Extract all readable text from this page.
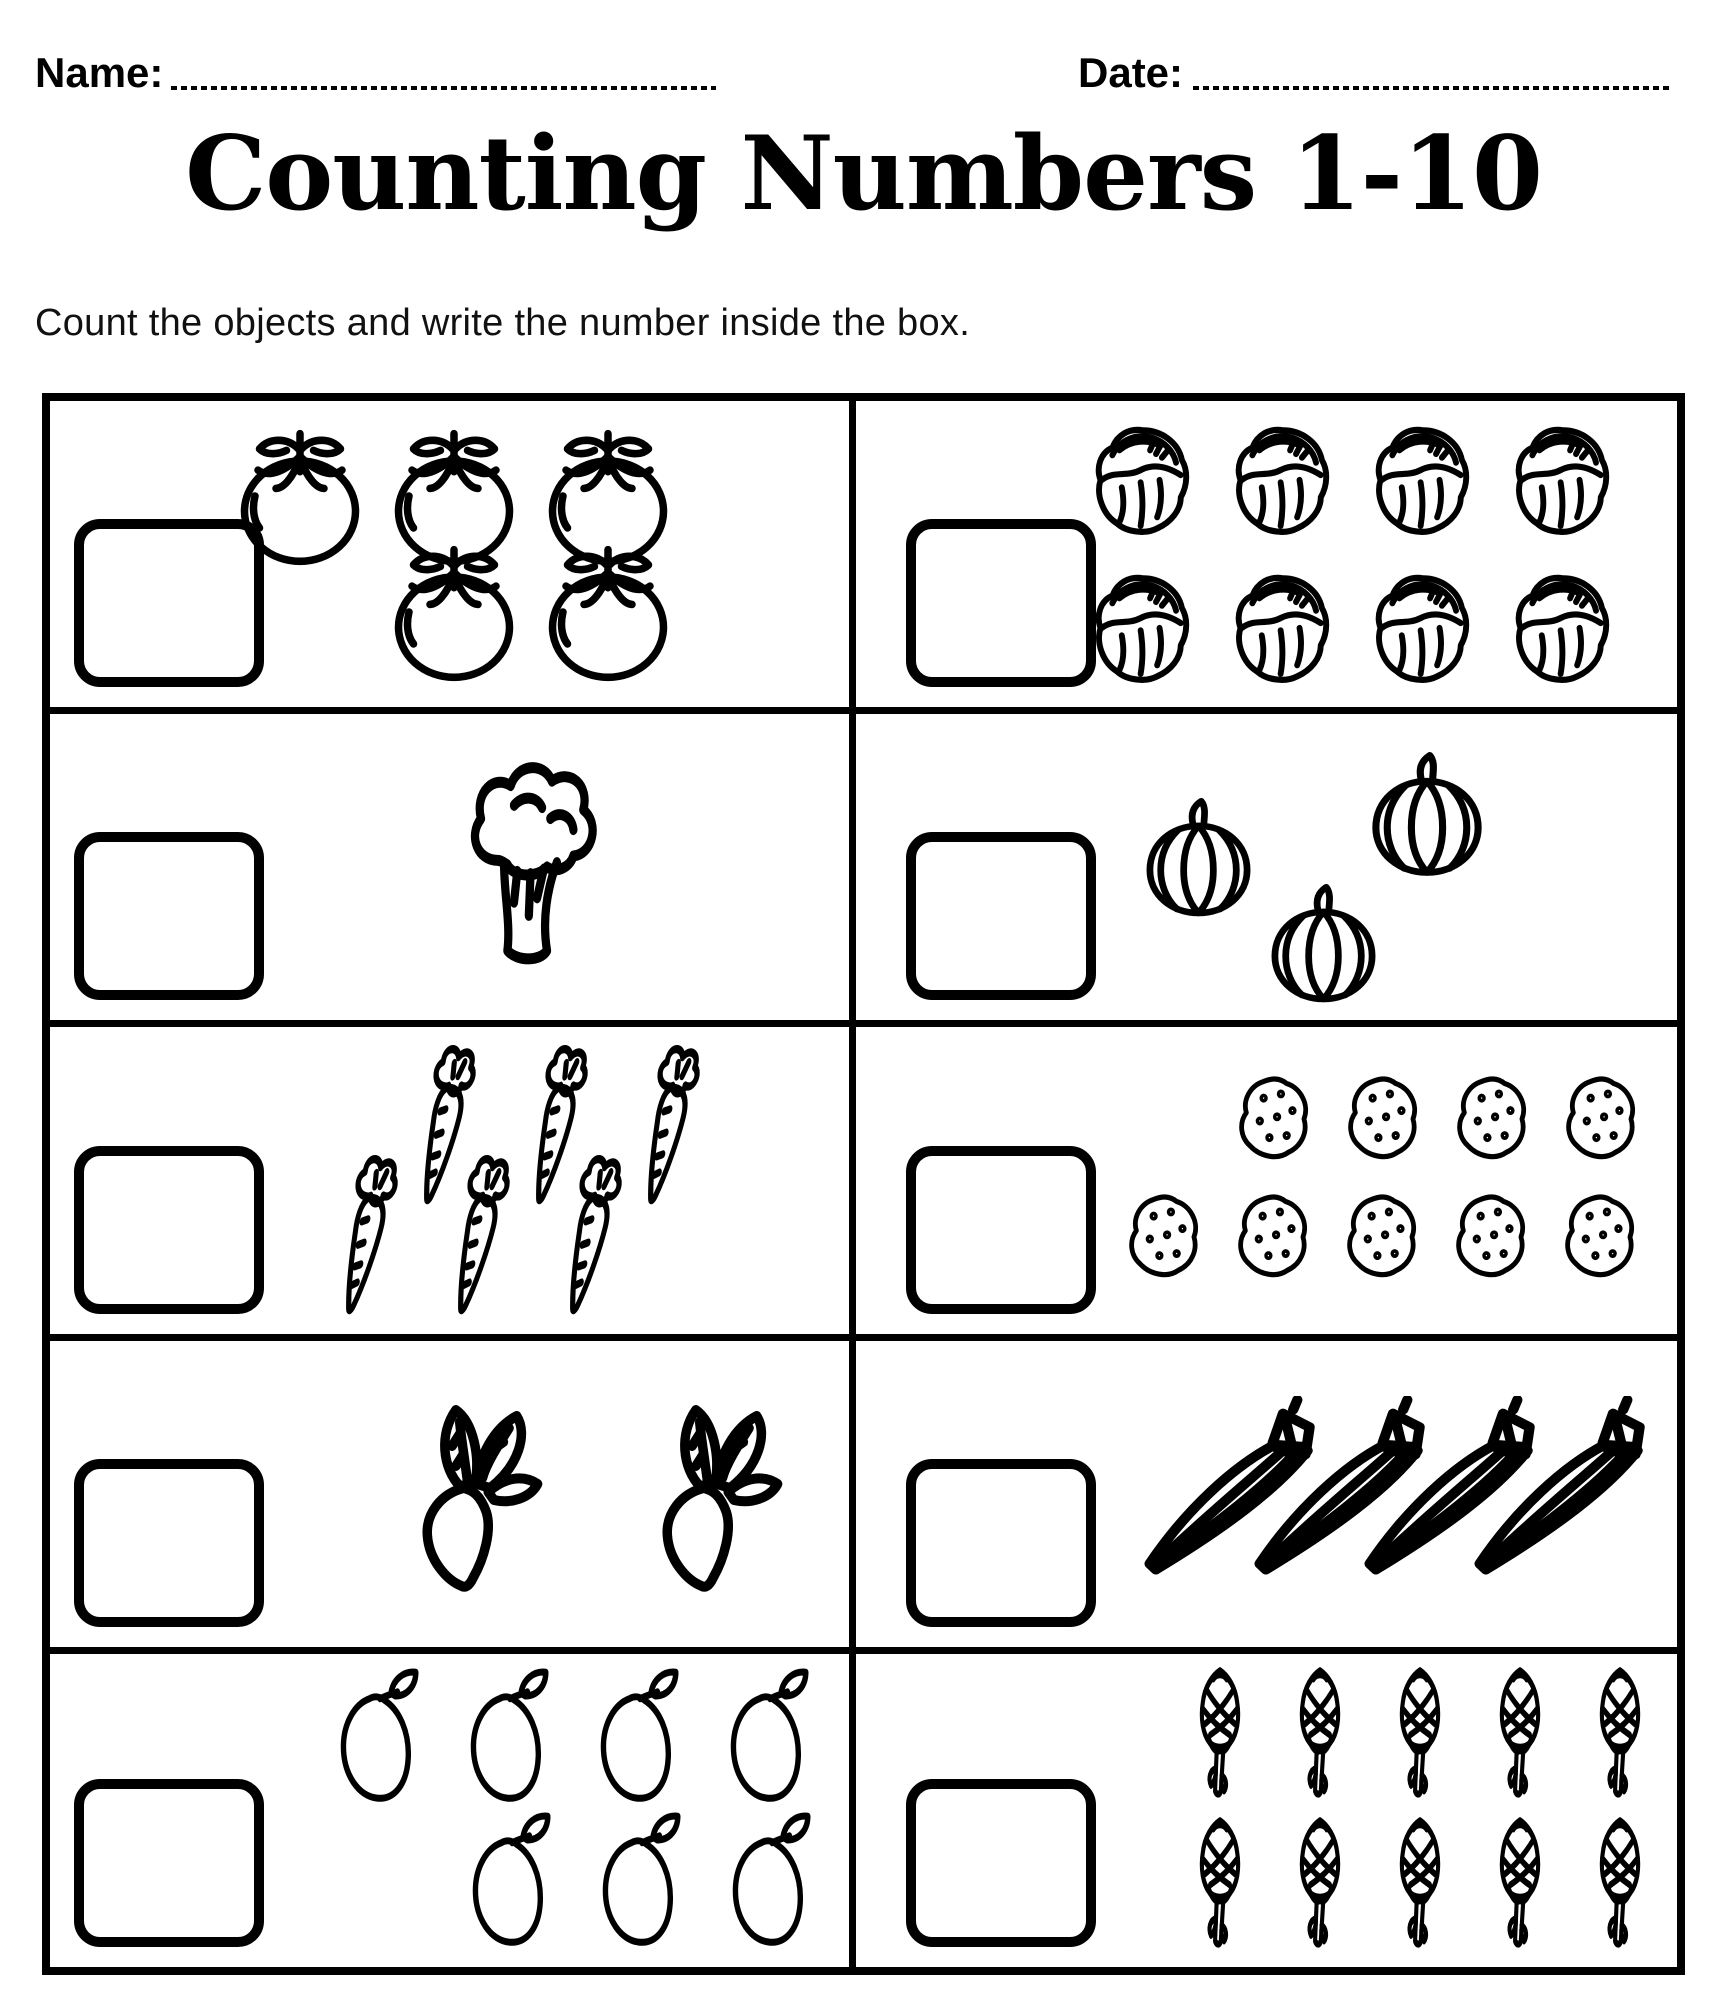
Name:	Date:
Counting Numbers 1-10
Count the objects and write the number inside the box.
